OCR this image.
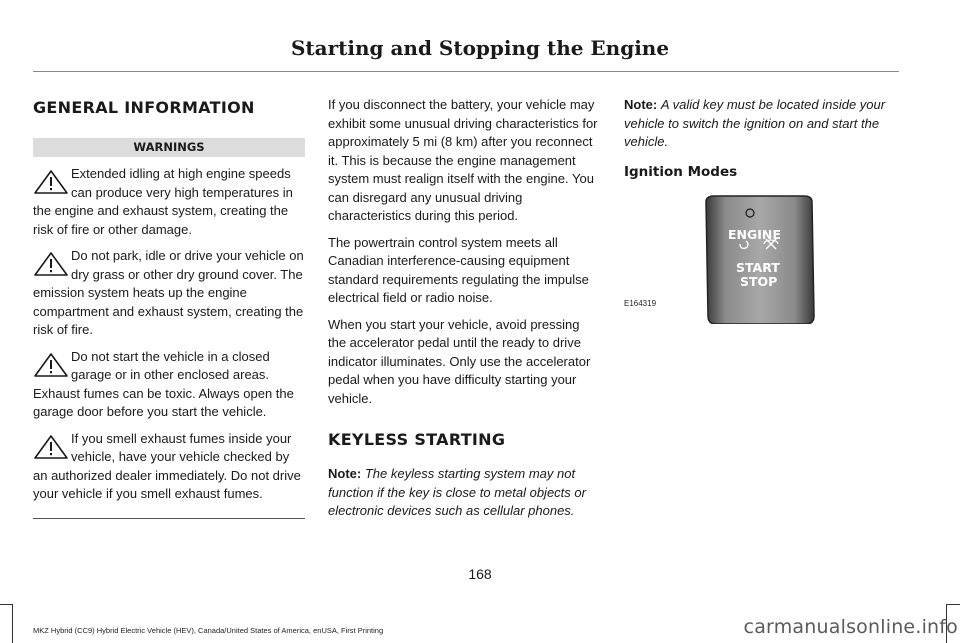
Starting and Stopping the Engine
GENERAL INFORMATION
WARNINGS
Extended idling at high engine speeds can produce very high temperatures in the engine and exhaust system, creating the risk of fire or other damage.
Do not park, idle or drive your vehicle on dry grass or other dry ground cover. The emission system heats up the engine compartment and exhaust system, creating the risk of fire.
Do not start the vehicle in a closed garage or in other enclosed areas. Exhaust fumes can be toxic. Always open the garage door before you start the vehicle.
If you smell exhaust fumes inside your vehicle, have your vehicle checked by an authorized dealer immediately. Do not drive your vehicle if you smell exhaust fumes.

If you disconnect the battery, your vehicle may exhibit some unusual driving characteristics for approximately 5 mi (8 km) after you reconnect it. This is because the engine management system must realign itself with the engine. You can disregard any unusual driving characteristics during this period.

The powertrain control system meets all Canadian interference-causing equipment standard requirements regulating the impulse electrical field or radio noise.

When you start your vehicle, avoid pressing the accelerator pedal until the ready to drive indicator illuminates. Only use the accelerator pedal when you have difficulty starting your vehicle.

KEYLESS STARTING

Note: The keyless starting system may not function if the key is close to metal objects or electronic devices such as cellular phones.

Note: A valid key must be located inside your vehicle to switch the ignition on and start the vehicle.

Ignition Modes
ENGINE
START
STOP
E164319
168
MKZ Hybrid (CC9) Hybrid Electric Vehicle (HEV), Canada/United States of America, enUSA, First Printing	carmanualsonline.info
